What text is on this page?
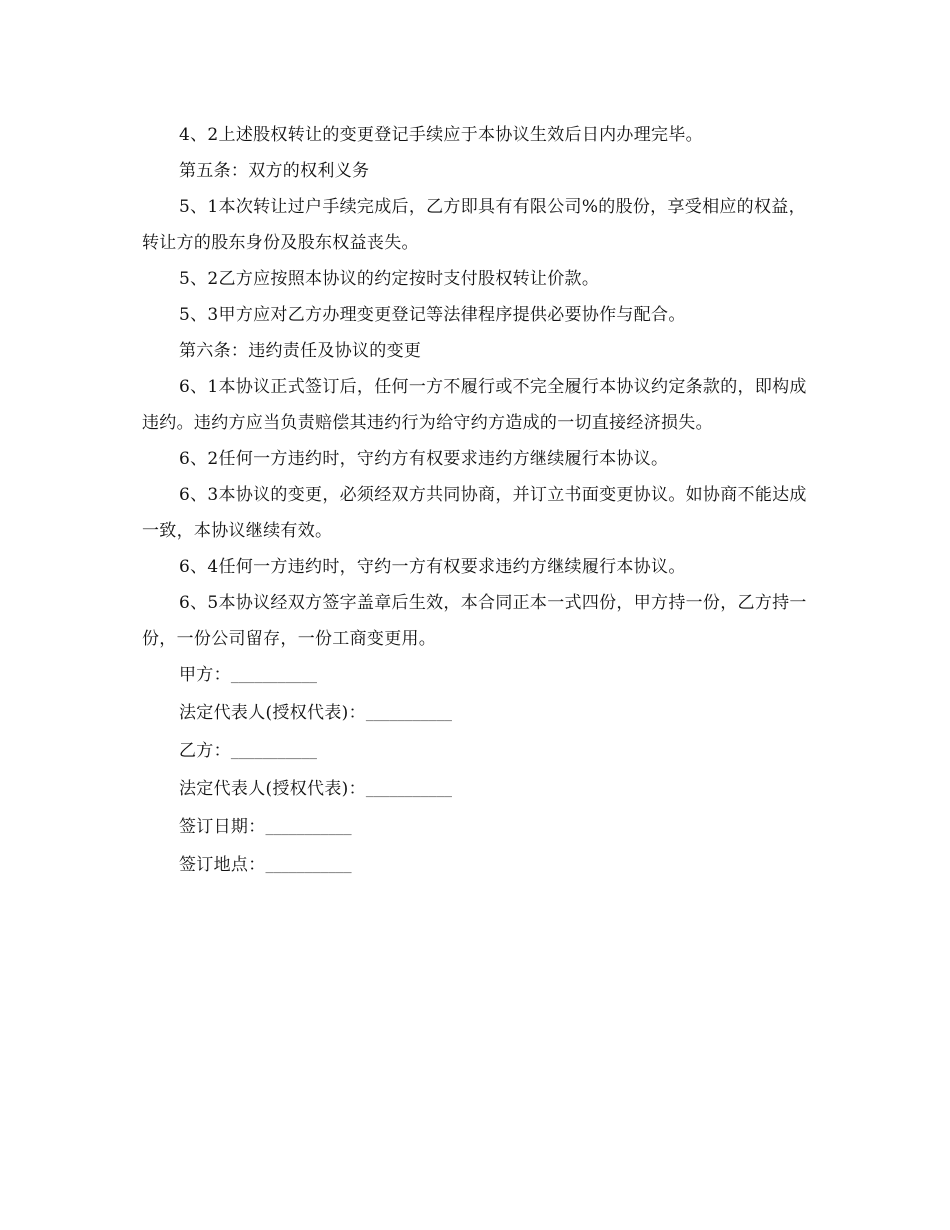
4、2上述股权转让的变更登记手续应于本协议生效后日内办理完毕。

第五条：双方的权利义务

5、1本次转让过户手续完成后，乙方即具有有限公司%的股份，享受相应的权益，转让方的股东身份及股东权益丧失。

5、2乙方应按照本协议的约定按时支付股权转让价款。

5、3甲方应对乙方办理变更登记等法律程序提供必要协作与配合。

第六条：违约责任及协议的变更

6、1本协议正式签订后，任何一方不履行或不完全履行本协议约定条款的，即构成违约。违约方应当负责赔偿其违约行为给守约方造成的一切直接经济损失。

6、2任何一方违约时，守约方有权要求违约方继续履行本协议。

6、3本协议的变更，必须经双方共同协商，并订立书面变更协议。如协商不能达成一致，本协议继续有效。

6、4任何一方违约时，守约一方有权要求违约方继续履行本协议。

6、5本协议经双方签字盖章后生效，本合同正本一式四份，甲方持一份，乙方持一份，一份公司留存，一份工商变更用。

甲方：___________

法定代表人(授权代表)：___________

乙方：___________

法定代表人(授权代表)：___________

签订日期：___________

签订地点：___________
